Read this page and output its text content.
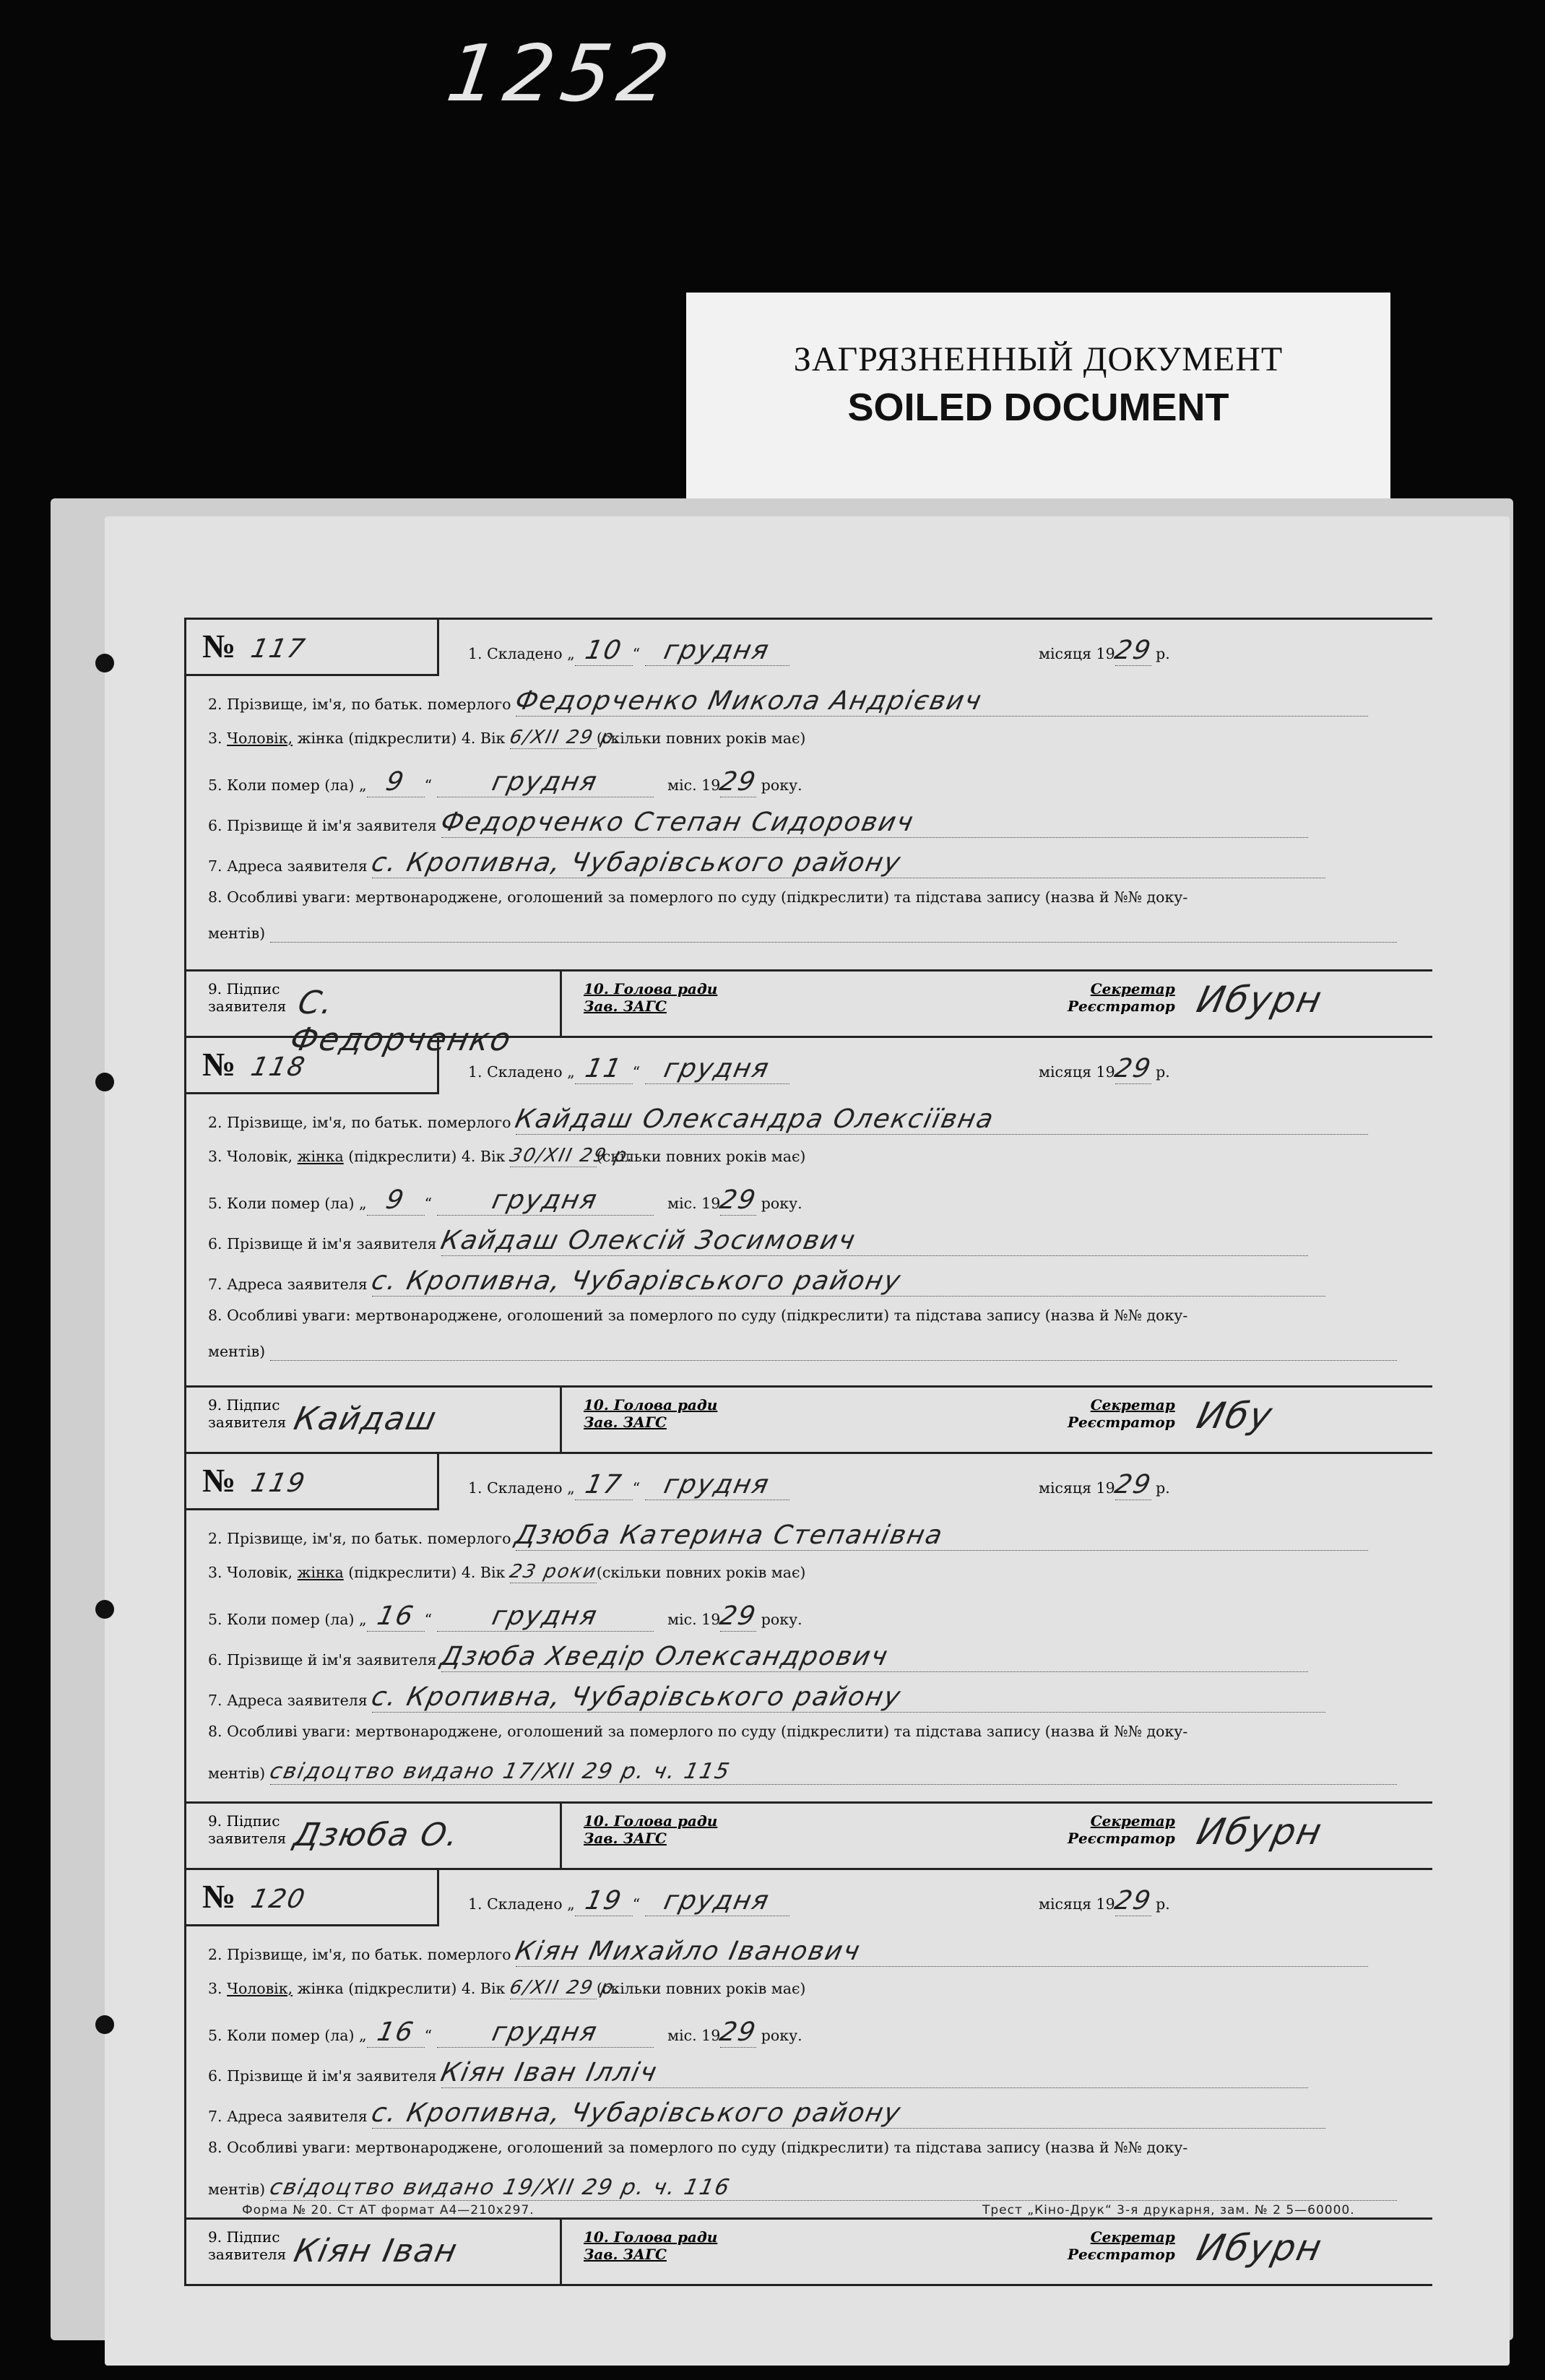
1252
ЗАГРЯЗНЕННЫЙ ДОКУМЕНТ
SOILED DOCUMENT
№ 117	1. Складено „ 10 “ грудня	місяця 1929 р.
2. Прізвище, ім'я, по батьк. померлого Федорченко Микола Андрієвич
3. Чоловік, жінка (підкреслити) 4. Вік 6/XII 29 р.(скільки повних років має)
5. Коли помер (ла) „ 9 “ грудня	міс. 1929 року.
6. Прізвище й ім'я заявителя Федорченко Степан Сидорович
7. Адреса заявителя с. Кропивна, Чубарівського району
8. Особливі уваги: мертвонароджене, оголошений за померлого по суду (підкреслити) та підстава запису (назва й №№ доку-
ментів)
9. Підпис
заявителя С. Федорченко
10. Голова ради
Зав. ЗАГС
Секретар
Реєстратор Ибурн
№ 118	1. Складено „ 11 “ грудня	місяця 1929 р.
2. Прізвище, ім'я, по батьк. померлого Кайдаш Олександра Олексіївна
3. Чоловік, жінка (підкреслити) 4. Вік 30/XII 29 р.(скільки повних років має)
5. Коли помер (ла) „ 9 “ грудня	міс. 1929 року.
6. Прізвище й ім'я заявителя Кайдаш Олексій Зосимович
7. Адреса заявителя с. Кропивна, Чубарівського району
8. Особливі уваги: мертвонароджене, оголошений за померлого по суду (підкреслити) та підстава запису (назва й №№ доку-
ментів)
9. Підпис
заявителя Кайдаш	10. Голова ради
Зав. ЗАГС
Секретар
Реєстратор Ибу
№ 119	1. Складено „ 17 “ грудня	місяця 1929 р.
2. Прізвище, ім'я, по батьк. померлого Дзюба Катерина Степанівна
3. Чоловік, жінка (підкреслити) 4. Вік 23 роки(скільки повних років має)
5. Коли помер (ла) „ 16 “ грудня	міс. 1929 року.
6. Прізвище й ім'я заявителя Дзюба Хведір Олександрович
7. Адреса заявителя с. Кропивна, Чубарівського району
8. Особливі уваги: мертвонароджене, оголошений за померлого по суду (підкреслити) та підстава запису (назва й №№ доку-
ментів) свідоцтво видано 17/XII 29 р. ч. 115
9. Підпис
заявителя Дзюба О.	10. Голова ради
Зав. ЗАГС
Секретар
Реєстратор Ибурн
№ 120	1. Складено „ 19 “ грудня	місяця 1929 р.
2. Прізвище, ім'я, по батьк. померлого Кіян Михайло Іванович
3. Чоловік, жінка (підкреслити) 4. Вік 6/XII 29 р.(скільки повних років має)
5. Коли помер (ла) „ 16 “ грудня	міс. 1929 року.
6. Прізвище й ім'я заявителя Кіян Іван Ілліч
7. Адреса заявителя с. Кропивна, Чубарівського району
8. Особливі уваги: мертвонароджене, оголошений за померлого по суду (підкреслити) та підстава запису (назва й №№ доку-
ментів) свідоцтво видано 19/XII 29 р. ч. 116
9. Підпис
заявителя Кіян Іван	10. Голова ради
Зав. ЗАГС
Секретар
Реєстратор Ибурн
Форма № 20. Ст АТ формат А4—210x297.	Трест „Кіно-Друк“ 3-я друкарня, зам. № 2 5—60000.
